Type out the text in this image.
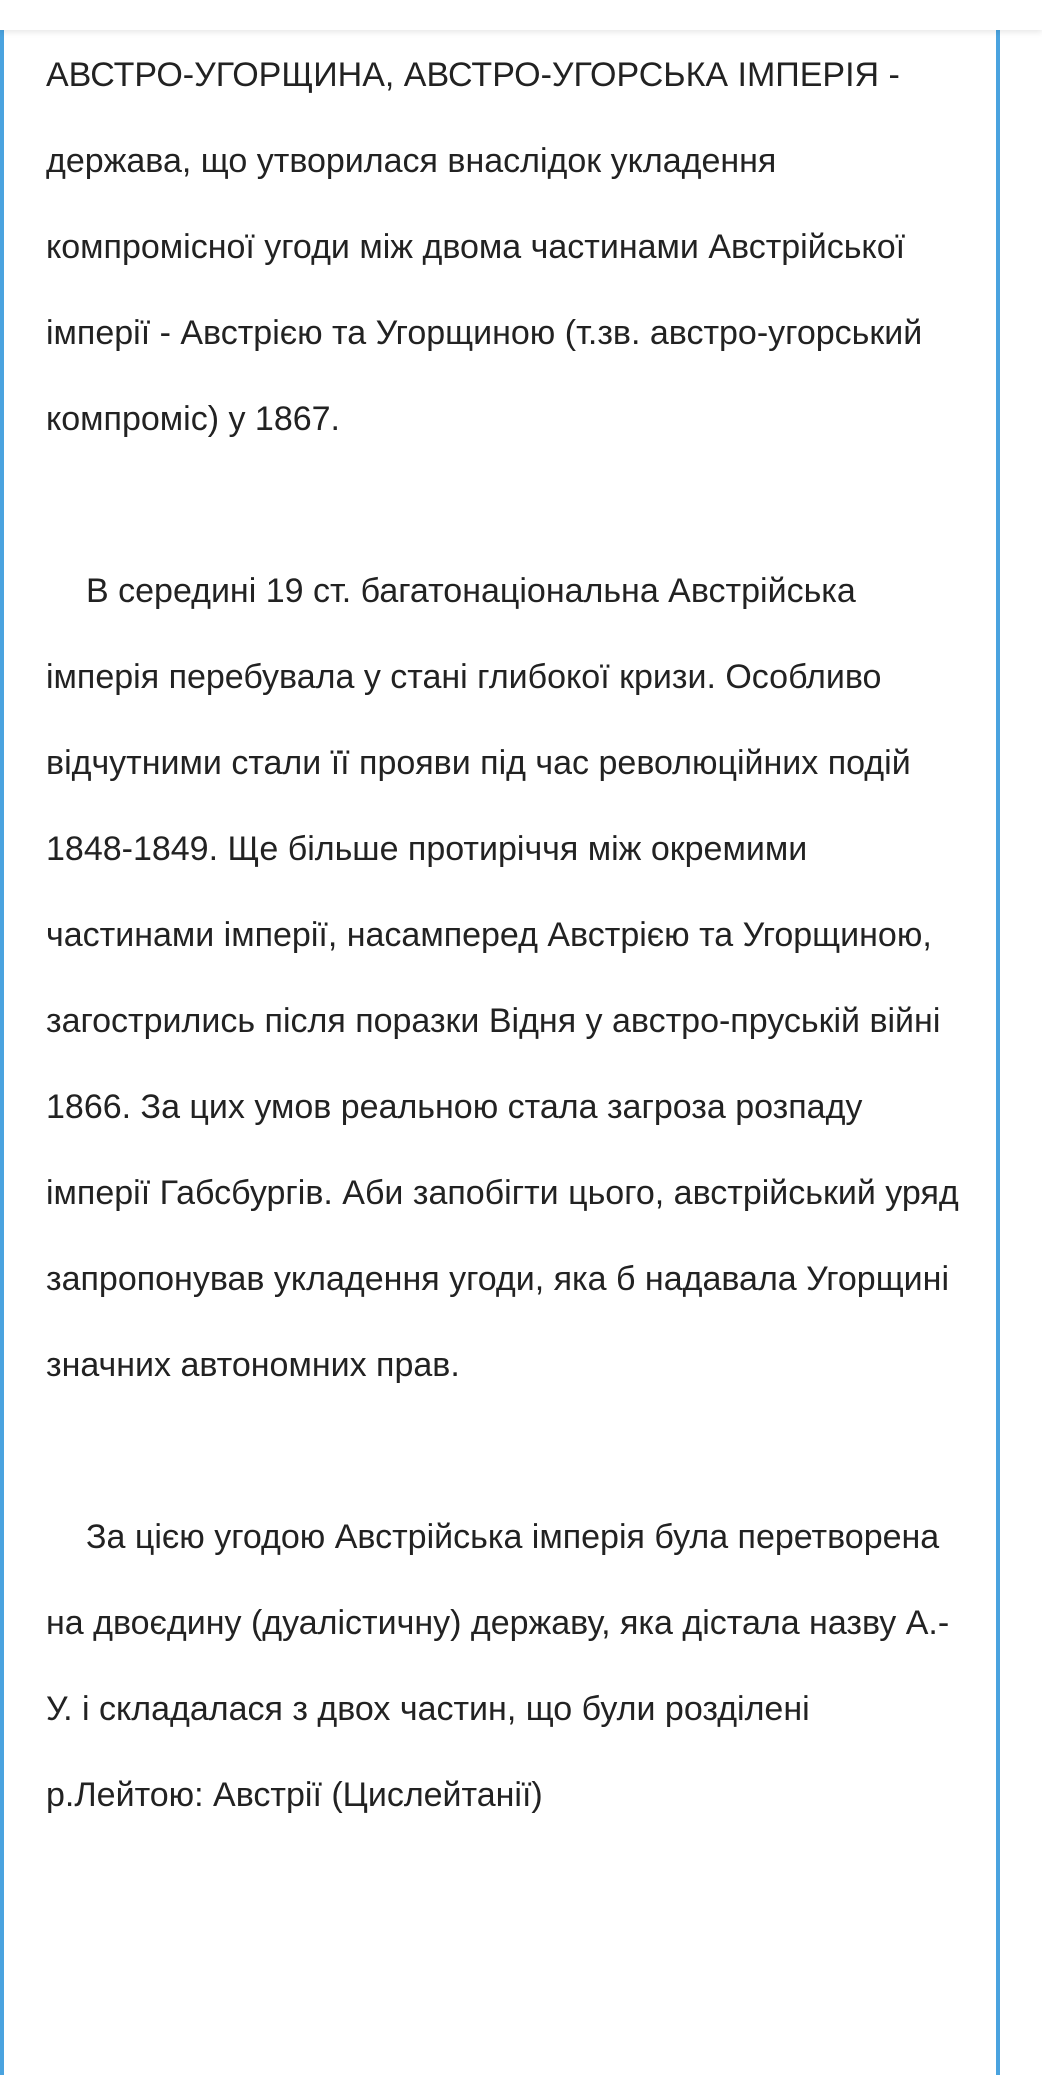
АВСТРО-УГОРЩИНА, АВСТРО-УГОРСЬКА ІМПЕРІЯ - держава, що утворилася внаслідок укладення компромісної угоди між двома частинами Австрійської імперії - Австрією та Угорщиною (т.зв. австро-угорський компроміс) у 1867.

В середині 19 ст. багатонаціональна Австрійська імперія перебувала у стані глибокої кризи. Особливо відчутними стали її прояви під час революційних подій 1848-1849. Ще більше протиріччя між окремими частинами імперії, насамперед Австрією та Угорщиною, загострились після поразки Відня у австро-пруській війні 1866. За цих умов реальною стала загроза розпаду імперії Габсбургів. Аби запобігти цього, австрійський уряд запропонував укладення угоди, яка б надавала Угорщині значних автономних прав.

За цією угодою Австрійська імперія була перетворена на двоєдину (дуалістичну) державу, яка дістала назву А.-У. і складалася з двох частин, що були розділені р.Лейтою: Австрії (Цислейтанії)
